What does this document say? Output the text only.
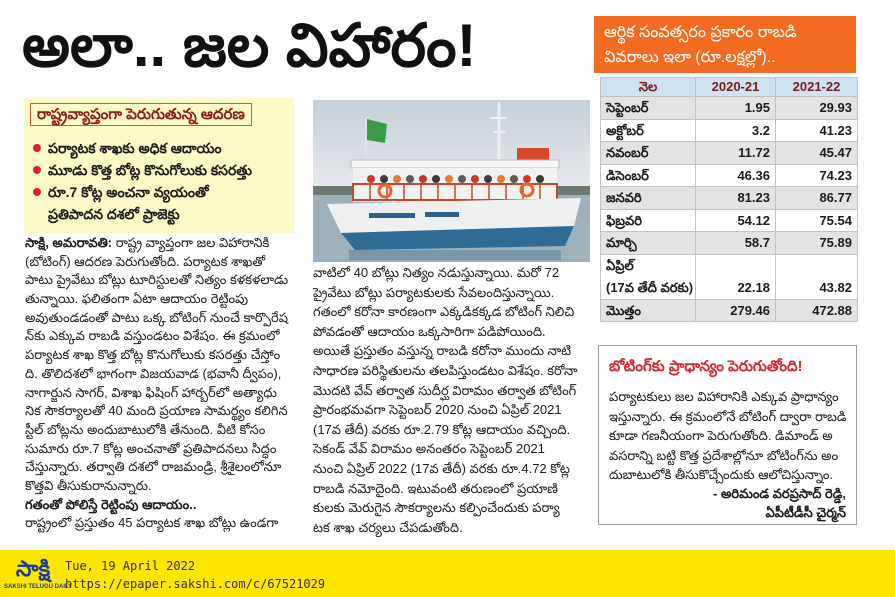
అలా.. జల విహారం!	ఆర్థిక సంవత్సరం ప్రకారం రాబడి
వివరాలు ఇలా (రూ.లక్షల్లో)..
నెల	2020-21	2021-22
సెప్టెంబర్	1.95	29.93
అక్టోబర్	3.2	41.23
నవంబర్	11.72	45.47
డిసెంబర్	46.36	74.23
జనవరి	81.23	86.77
ఫిబ్రవరి	54.12	75.54
మార్చి	58.7	75.89
ఏప్రిల్
(17వ తేదీ వరకు)	22.18	43.82
మొత్తం	279.46	472.88
రాష్ట్రవ్యాప్తంగా పెరుగుతున్న ఆదరణ
పర్యాటక శాఖకు అధిక ఆదాయం
మూడు కొత్త బోట్ల కొనుగోలుకు కసరత్తు
రూ.7 కోట్ల అంచనా వ్యయంతో
ప్రతిపాదన దశలో ప్రాజెక్టు
సాక్షి, అమరావతి: రాష్ట్ర వ్యాప్తంగా జల విహారానికి
(బోటింగ్) ఆదరణ పెరుగుతోంది. పర్యాటక శాఖతో
పాటు ప్రైవేటు బోట్లు టూరిస్టులతో నిత్యం కళకళలాడు
తున్నాయి. ఫలితంగా ఏటా ఆదాయం రెట్టింపు
అవుతుండడంతో పాటు ఒక్క బోటింగ్ నుంచే కార్పొరేష
న్‌కు ఎక్కువ రాబడి వస్తుండటం విశేషం. ఈ క్రమంలో
పర్యాటక శాఖ కొత్త బోట్ల కొనుగోలుకు కసరత్తు చేస్తోం
ది. తొలిదశలో భాగంగా విజయవాడ (భవానీ ద్వీపం),
నాగార్జున సాగర్, విశాఖ ఫిషింగ్ హార్బర్‌లో అత్యాధు
నిక సౌకర్యాలతో 40 మంది ప్రయాణ సామర్థ్యం కలిగిన
స్టీల్ బోట్లను అందుబాటులోకి తేనుంది. వీటి కోసం
సుమారు రూ.7 కోట్ల అంచనాతో ప్రతిపాదనలు సిద్ధం
చేస్తున్నారు. తర్వాతి దశలో రాజమండ్రి, శ్రీశైలంలోనూ
కొత్తవి తీసుకురానున్నారు.
గతంతో పోలిస్తే రెట్టింపు ఆదాయం..
రాష్ట్రంలో ప్రస్తుతం 45 పర్యాటక శాఖ బోట్లు ఉండగా
వాటిలో 40 బోట్లు నిత్యం నడుస్తున్నాయి. మరో 72
ప్రైవేటు బోట్లు పర్యాటకులకు సేవలందిస్తున్నాయి.
గతంలో కరోనా కారణంగా ఎక్కడికక్కడ బోటింగ్ నిలిచి
పోవడంతో ఆదాయం ఒక్కసారిగా పడిపోయింది.
అయితే ప్రస్తుతం వస్తున్న రాబడి కరోనా ముందు నాటి
సాధారణ పరిస్థితులను తలపిస్తుండటం విశేషం. కరోనా
మొదటి వేవ్ తర్వాత సుదీర్ఘ విరామం తర్వాత బోటింగ్
ప్రారంభమవగా సెప్టెంబర్ 2020 నుంచి ఏప్రిల్ 2021
(17వ తేదీ) వరకు రూ.2.79 కోట్ల ఆదాయం వచ్చింది.
సెకండ్ వేవ్ విరామం అనంతరం సెప్టెంబర్ 2021
నుంచి ఏప్రిల్ 2022 (17వ తేదీ) వరకు రూ.4.72 కోట్ల
రాబడి నమోదైంది. ఇటువంటి తరుణంలో ప్రయాణి
కులకు మెరుగైన సౌకర్యాలను కల్పించేందుకు పర్యా
టక శాఖ చర్యలు చేపడుతోంది.
బోటింగ్‌కు ప్రాధాన్యం పెరుగుతోంది!
పర్యాటకులు జల విహారానికి ఎక్కువ ప్రాధాన్యం
ఇస్తున్నారు. ఈ క్రమంలోనే బోటింగ్ ద్వారా రాబడి
కూడా గణనీయంగా పెరుగుతోంది. డిమాండ్ అ
వసరాన్ని బట్టి కొత్త ప్రదేశాల్లోనూ బోటింగ్‌ను అం
దుబాటులోకి తీసుకొచ్చేందుకు ఆలోచిస్తున్నాం.
- అరిమండ వరప్రసాద్ రెడ్డి,
ఏపీటీడీసీ చైర్మన్
సాక్షి
SAKSHI TELUGU DAILY
Tue, 19 April 2022
https://epaper.sakshi.com/c/67521029
